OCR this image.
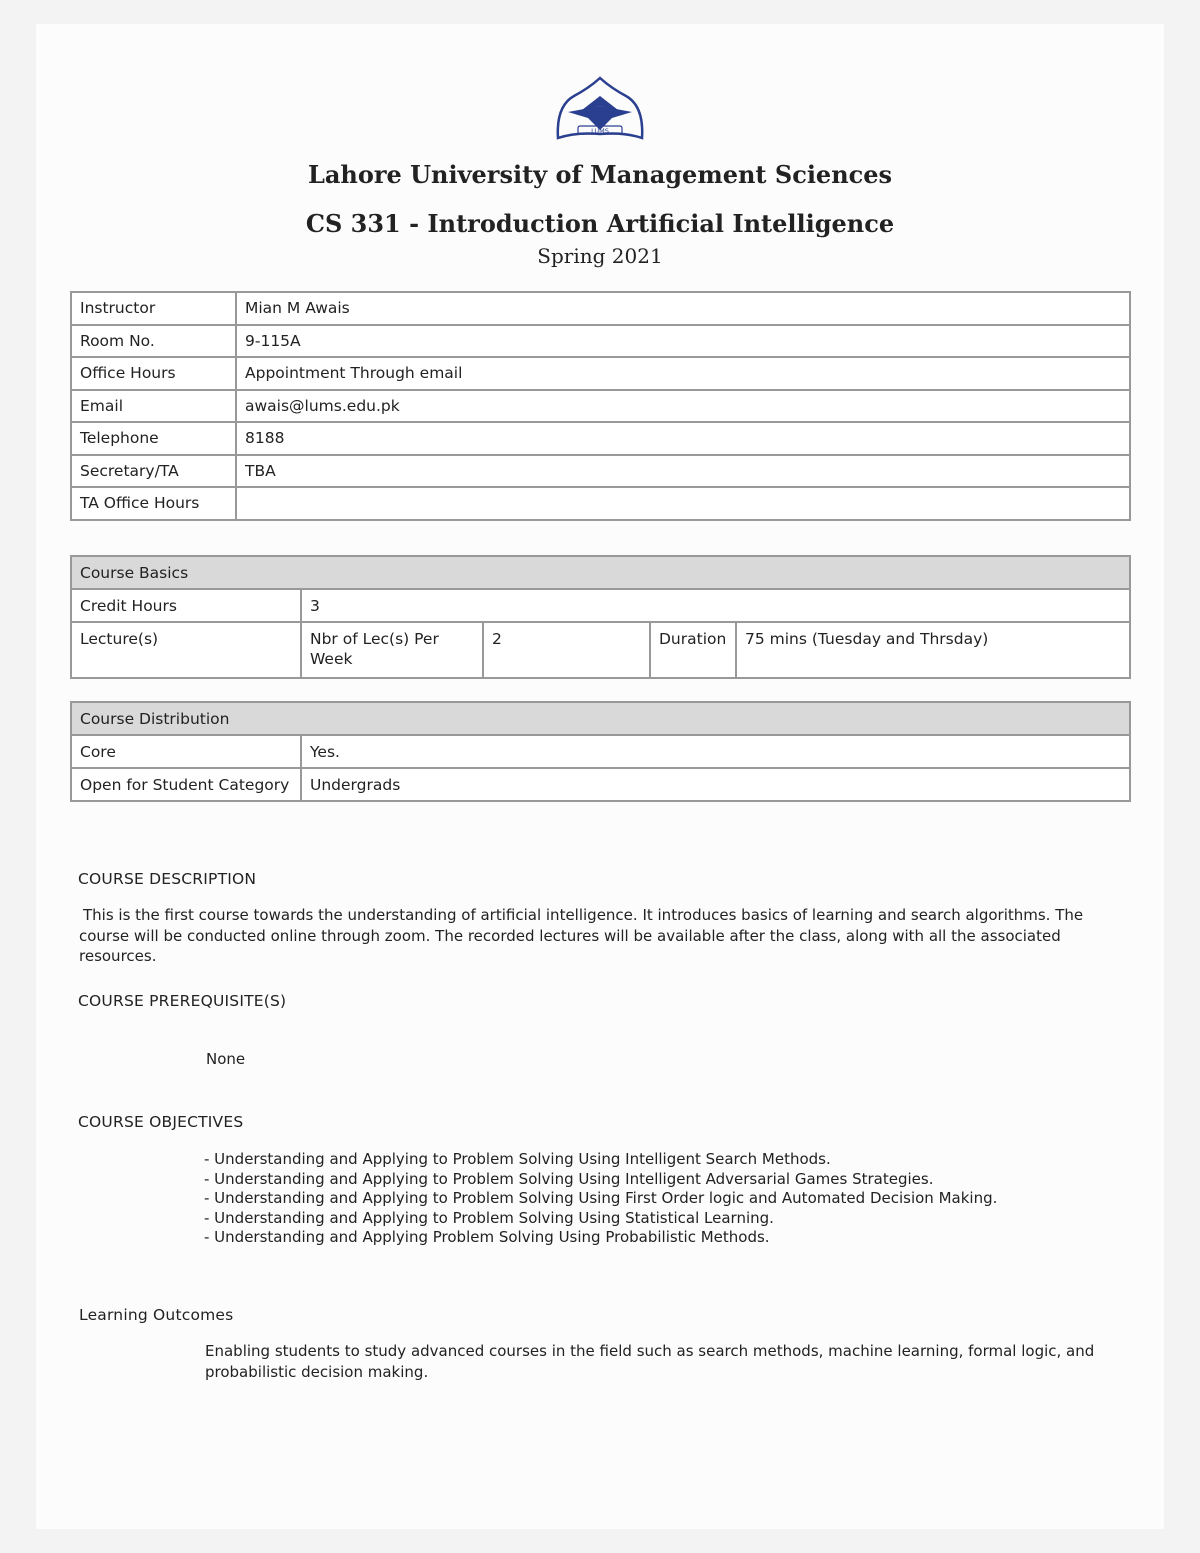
LUMS
Lahore University of Management Sciences
CS 331 - Introduction Artificial Intelligence
Spring 2021
Instructor	Mian M Awais
Room No.	9-115A
Office Hours	Appointment Through email
Email	awais@lums.edu.pk
Telephone	8188
Secretary/TA	TBA
TA Office Hours	
Course Basics				
Credit Hours	3			
Lecture(s)	Nbr of Lec(s) Per Week	2	Duration	75 mins (Tuesday and Thrsday)
Course Distribution	
Core	Yes.
Open for Student Category	Undergrads
COURSE DESCRIPTION
This is the first course towards the understanding of artificial intelligence. It introduces basics of learning and search algorithms. The course will be conducted online through zoom. The recorded lectures will be available after the class, along with all the associated resources.
COURSE PREREQUISITE(S)
None
COURSE OBJECTIVES
- Understanding and Applying to Problem Solving Using Intelligent Search Methods.
- Understanding and Applying to Problem Solving Using Intelligent Adversarial Games Strategies.
- Understanding and Applying to Problem Solving Using First Order logic and Automated Decision Making.
- Understanding and Applying to Problem Solving Using Statistical Learning.
- Understanding and Applying Problem Solving Using Probabilistic Methods.
Learning Outcomes
Enabling students to study advanced courses in the field such as search methods, machine learning, formal logic, and probabilistic decision making.
